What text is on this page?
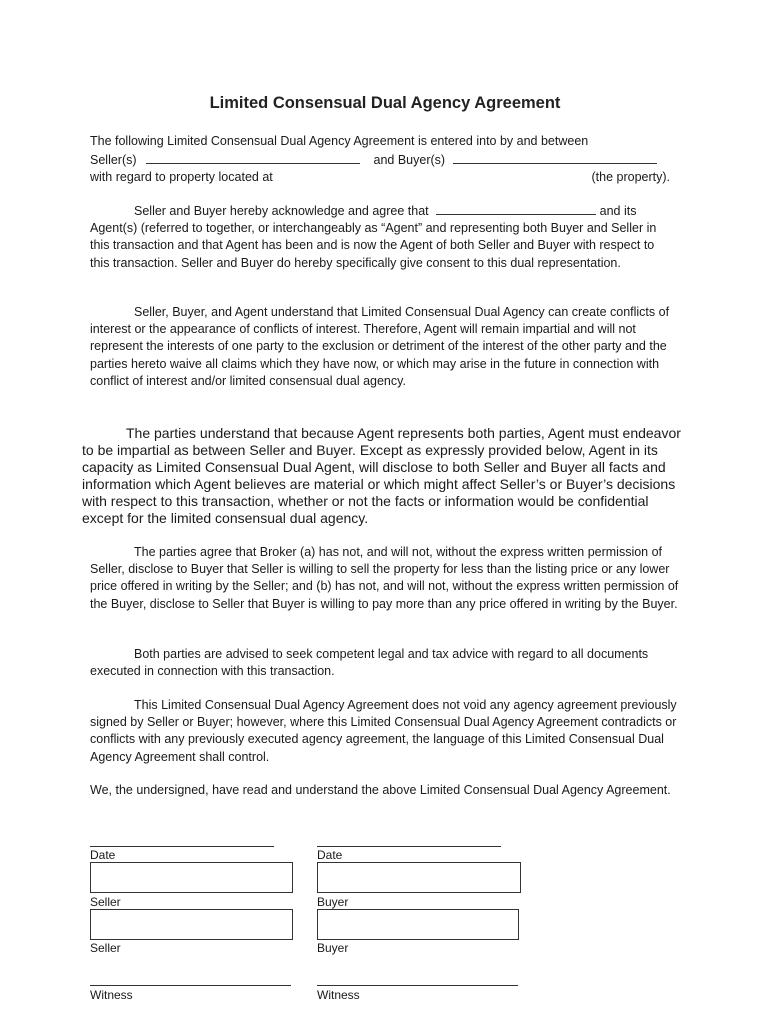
Limited Consensual Dual Agency Agreement
The following Limited Consensual Dual Agency Agreement is entered into by and between
Seller(s)	and Buyer(s)
with regard to property located at	(the property).
Seller and Buyer hereby acknowledge and agree that	and its Agent(s) (referred to together, or interchangeably as “Agent” and representing both Buyer and Seller in this transaction and that Agent has been and is now the Agent of both Seller and Buyer with respect to this transaction. Seller and Buyer do hereby specifically give consent to this dual representation.
Seller, Buyer, and Agent understand that Limited Consensual Dual Agency can create conflicts of interest or the appearance of conflicts of interest. Therefore, Agent will remain impartial and will not represent the interests of one party to the exclusion or detriment of the interest of the other party and the parties hereto waive all claims which they have now, or which may arise in the future in connection with conflict of interest and/or limited consensual dual agency.
The parties understand that because Agent represents both parties, Agent must endeavor to be impartial as between Seller and Buyer. Except as expressly provided below, Agent in its capacity as Limited Consensual Dual Agent, will disclose to both Seller and Buyer all facts and information which Agent believes are material or which might affect Seller’s or Buyer’s decisions with respect to this transaction, whether or not the facts or information would be confidential except for the limited consensual dual agency.
The parties agree that Broker (a) has not, and will not, without the express written permission of Seller, disclose to Buyer that Seller is willing to sell the property for less than the listing price or any lower price offered in writing by the Seller; and (b) has not, and will not, without the express written permission of the Buyer, disclose to Seller that Buyer is willing to pay more than any price offered in writing by the Buyer.
Both parties are advised to seek competent legal and tax advice with regard to all documents executed in connection with this transaction.
This Limited Consensual Dual Agency Agreement does not void any agency agreement previously signed by Seller or Buyer; however, where this Limited Consensual Dual Agency Agreement contradicts or conflicts with any previously executed agency agreement, the language of this Limited Consensual Dual Agency Agreement shall control.
We, the undersigned, have read and understand the above Limited Consensual Dual Agency Agreement.
Date	Date
Seller	Buyer
Seller	Buyer
Witness	Witness
